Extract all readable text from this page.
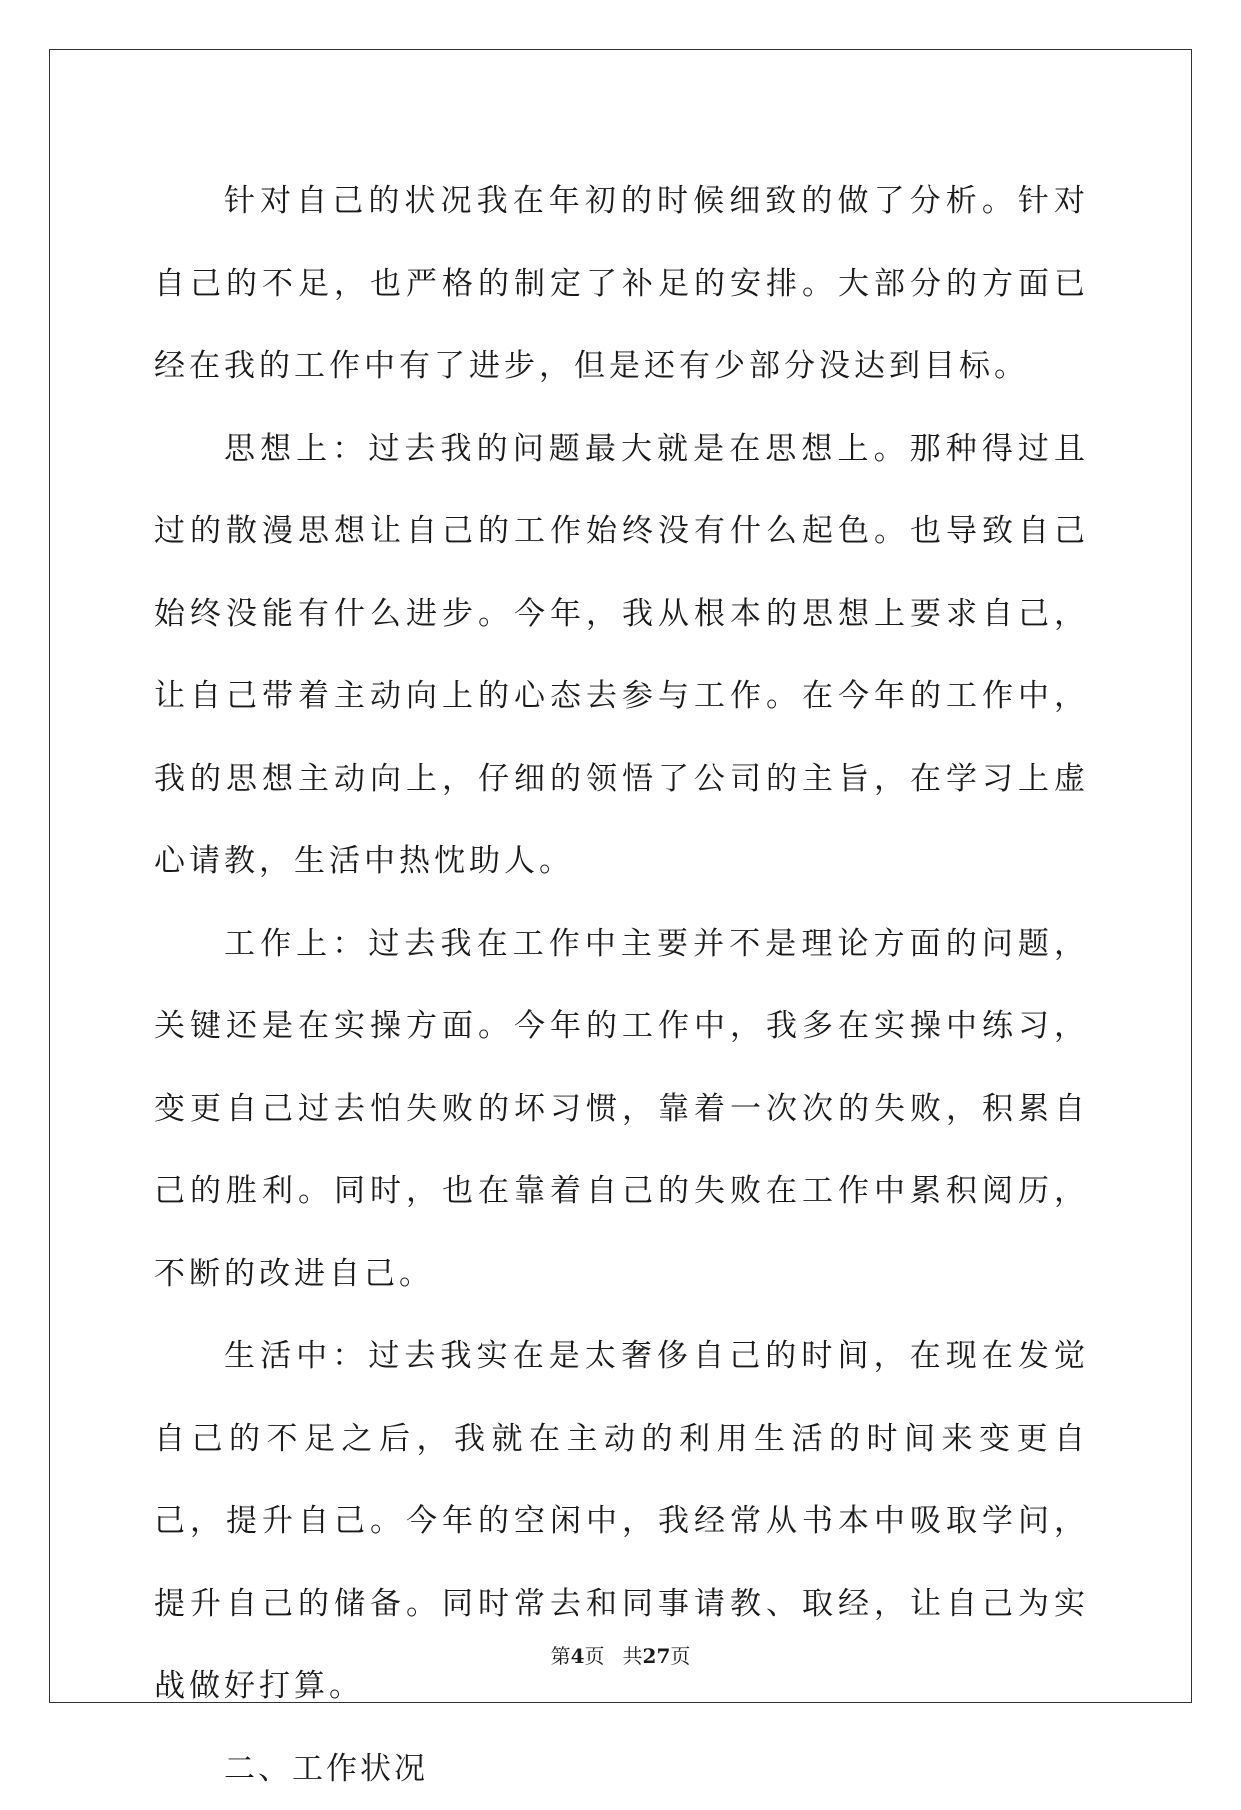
针对自己的状况我在年初的时候细致的做了分析。针对自己的不足，也严格的制定了补足的安排。大部分的方面已经在我的工作中有了进步，但是还有少部分没达到目标。

思想上：过去我的问题最大就是在思想上。那种得过且过的散漫思想让自己的工作始终没有什么起色。也导致自己始终没能有什么进步。今年，我从根本的思想上要求自己，让自己带着主动向上的心态去参与工作。在今年的工作中，我的思想主动向上，仔细的领悟了公司的主旨，在学习上虚心请教，生活中热忱助人。

工作上：过去我在工作中主要并不是理论方面的问题，关键还是在实操方面。今年的工作中，我多在实操中练习，变更自己过去怕失败的坏习惯，靠着一次次的失败，积累自己的胜利。同时，也在靠着自己的失败在工作中累积阅历，不断的改进自己。

生活中：过去我实在是太奢侈自己的时间，在现在发觉自己的不足之后，我就在主动的利用生活的时间来变更自己，提升自己。今年的空闲中，我经常从书本中吸取学问，提升自己的储备。同时常去和同事请教、取经，让自己为实战做好打算。

二、工作状况

第4页 共27页
